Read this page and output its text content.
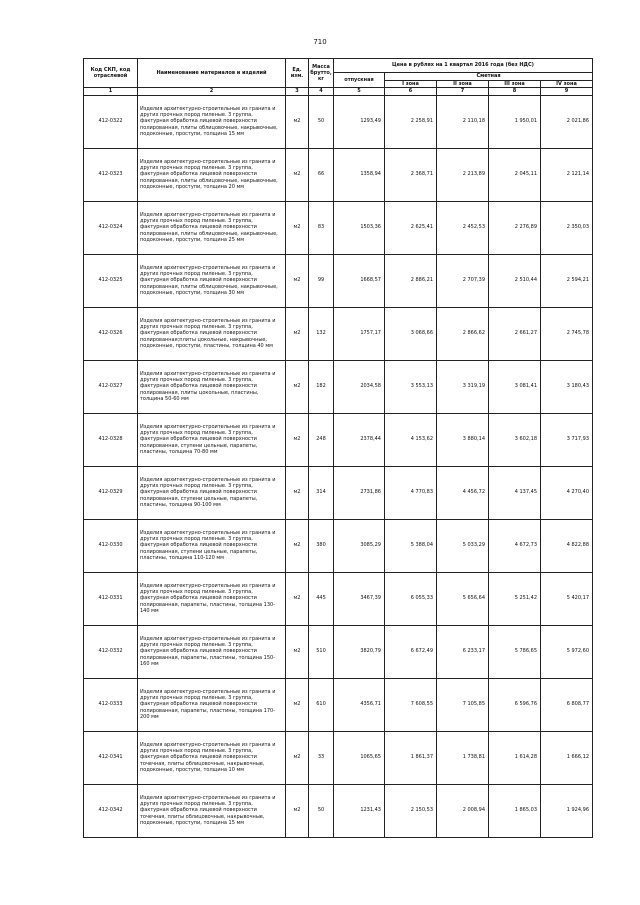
710
Код СКП, код отраслевой	Наименование материалов и изделий	Ед. изм.	Масса брутто, кг	Цена в рублях на 1 квартал 2016 года (без НДС)				
				отпускная	Сметная			
					I зона	II зона	III зона	IV зона
1	2	3	4	5	6	7	8	9
412-0322	Изделия архитектурно-строительные из гранита и других прочных пород пиленые. 3 группа, фактурная обработка лицевой поверхности полированная, плиты облицовочные, накрывочные, подоконные, проступи, толщина 15 мм	м2	50	1293,49	2 258,91	2 110,18	1 950,01	2 021,86
412-0323	Изделия архитектурно-строительные из гранита и других прочных пород пиленые. 3 группа, фактурная обработка лицевой поверхности полированная, плиты облицовочные, накрывочные, подоконные, проступи, толщина 20 мм	м2	66	1358,94	2 368,71	2 213,89	2 045,11	2 121,14
412-0324	Изделия архитектурно-строительные из гранита и других прочных пород пиленые. 3 группа, фактурная обработка лицевой поверхности полированная, плиты облицовочные, накрывочные, подоконные, проступи, толщина 25 мм	м2	83	1503,36	2 625,41	2 452,53	2 276,89	2 350,03
412-0325	Изделия архитектурно-строительные из гранита и других прочных пород пиленые. 3 группа, фактурная обработка лицевой поверхности полированная, плиты облицовочные, накрывочные, подоконные, проступи, толщина 30 мм	м2	99	1668,57	2 886,21	2 707,39	2 510,44	2 594,21
412-0326	Изделия архитектурно-строительные из гранита и других прочных пород пиленые. 3 группа, фактурная обработка лицевой поверхности полированная;плиты цокольные, накрывочные, подоконные, проступи, пластины, толщина 40 мм	м2	132	1757,17	3 068,66	2 866,62	2 661,27	2 745,78
412-0327	Изделия архитектурно-строительные из гранита и других прочных пород пиленые. 3 группа, фактурная обработка лицевой поверхности полированная, плиты цокольные, пластины, толщина 50-60 мм	м2	182	2034,58	3 553,13	3 319,19	3 081,41	3 180,43
412-0328	Изделия архитектурно-строительные из гранита и других прочных пород пиленые. 3 группа, фактурная обработка лицевой поверхности полированная, ступени цельные, парапеты, пластины, толщина 70-80 мм	м2	248	2378,44	4 153,62	3 880,14	3 602,18	3 717,93
412-0329	Изделия архитектурно-строительные из гранита и других прочных пород пиленые. 3 группа, фактурная обработка лицевой поверхности полированная, ступени цельные, парапеты, пластины, толщина 90-100 мм	м2	314	2731,86	4 770,83	4 456,72	4 137,45	4 270,40
412-0330	Изделия архитектурно-строительные из гранита и других прочных пород пиленые. 3 группа, фактурная обработка лицевой поверхности полированная, ступени цельные, парапеты, пластины, толщина 110-120 мм	м2	380	3085,29	5 388,04	5 033,29	4 672,73	4 822,88
412-0331	Изделия архитектурно-строительные из гранита и других прочных пород пиленые. 3 группа, фактурная обработка лицевой поверхности полированная, парапеты, пластины, толщина 130-140 мм	м2	445	3467,39	6 055,33	5 656,64	5 251,42	5 420,17
412-0332	Изделия архитектурно-строительные из гранита и других прочных пород пиленые. 3 группа, фактурная обработка лицевой поверхности полированная, парапеты, пластины, толщина 150-160 мм	м2	510	3820,79	6 672,49	6 233,17	5 786,65	5 972,60
412-0333	Изделия архитектурно-строительные из гранита и других прочных пород пиленые. 3 группа, фактурная обработка лицевой поверхности полированная, парапеты, пластины, толщина 170-200 мм	м2	610	4356,71	7 608,55	7 105,85	6 596,76	6 808,77
412-0341	Изделия архитектурно-строительные из гранита и других прочных пород пиленые. 3 группа, фактурная обработка лицевой поверхности точечная, плиты облицовочные, накрывочные, подоконные, проступи, толщина 10 мм	м2	33	1065,65	1 861,37	1 738,81	1 614,28	1 666,12
412-0342	Изделия архитектурно-строительные из гранита и других прочных пород пиленые. 3 группа, фактурная обработка лицевой поверхности точечная, плиты облицовочные, накрывочные, подоконные, проступи, толщина 15 мм	м2	50	1231,43	2 150,53	2 008,94	1 865,03	1 924,96
